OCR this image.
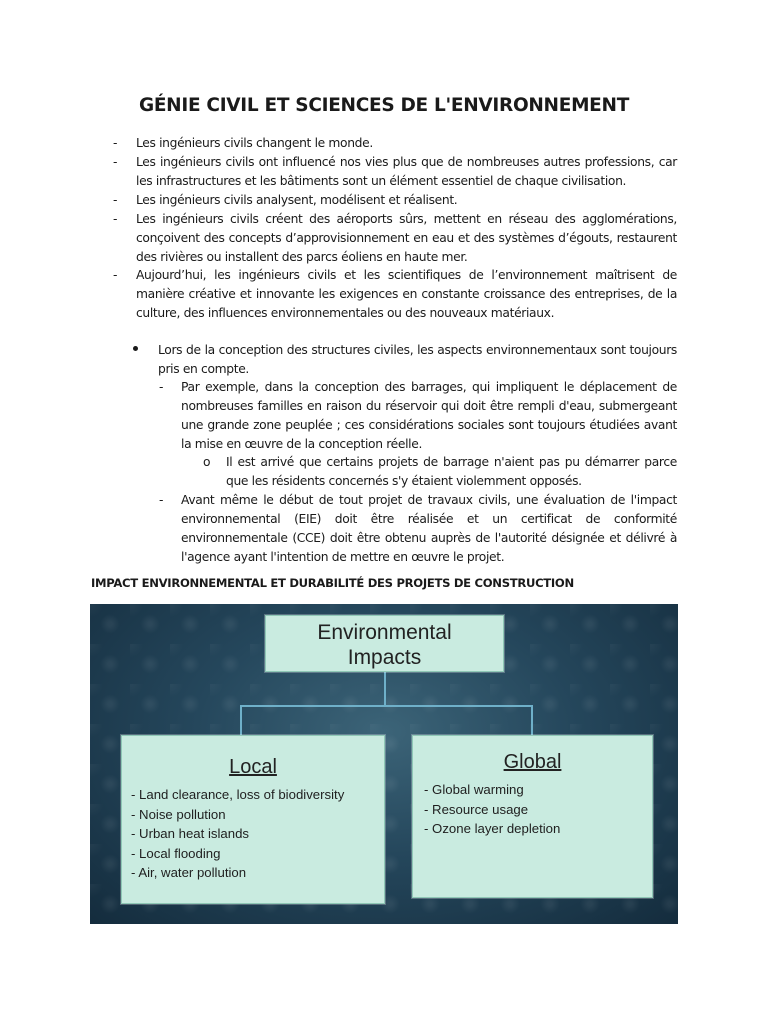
GÉNIE CIVIL ET SCIENCES DE L'ENVIRONNEMENT
- Les ingénieurs civils changent le monde.
- Les ingénieurs civils ont influencé nos vies plus que de nombreuses autres professions, car les infrastructures et les bâtiments sont un élément essentiel de chaque civilisation.
- Les ingénieurs civils analysent, modélisent et réalisent.
- Les ingénieurs civils créent des aéroports sûrs, mettent en réseau des agglomérations, conçoivent des concepts d’approvisionnement en eau et des systèmes d’égouts, restaurent des rivières ou installent des parcs éoliens en haute mer.
- Aujourd’hui, les ingénieurs civils et les scientifiques de l’environnement maîtrisent de manière créative et innovante les exigences en constante croissance des entreprises, de la culture, des influences environnementales ou des nouveaux matériaux.
Lors de la conception des structures civiles, les aspects environnementaux sont toujours pris en compte.
- Par exemple, dans la conception des barrages, qui impliquent le déplacement de nombreuses familles en raison du réservoir qui doit être rempli d'eau, submergeant une grande zone peuplée ; ces considérations sociales sont toujours étudiées avant la mise en œuvre de la conception réelle.
o Il est arrivé que certains projets de barrage n'aient pas pu démarrer parce que les résidents concernés s'y étaient violemment opposés.
- Avant même le début de tout projet de travaux civils, une évaluation de l'impact environnemental (EIE) doit être réalisée et un certificat de conformité environnementale (CCE) doit être obtenu auprès de l'autorité désignée et délivré à l'agence ayant l'intention de mettre en œuvre le projet.
IMPACT ENVIRONNEMENTAL ET DURABILITÉ DES PROJETS DE CONSTRUCTION
Environmental
Impacts
Local
- Land clearance, loss of biodiversity
- Noise pollution
- Urban heat islands
- Local flooding
- Air, water pollution
Global
- Global warming
- Resource usage
- Ozone layer depletion
